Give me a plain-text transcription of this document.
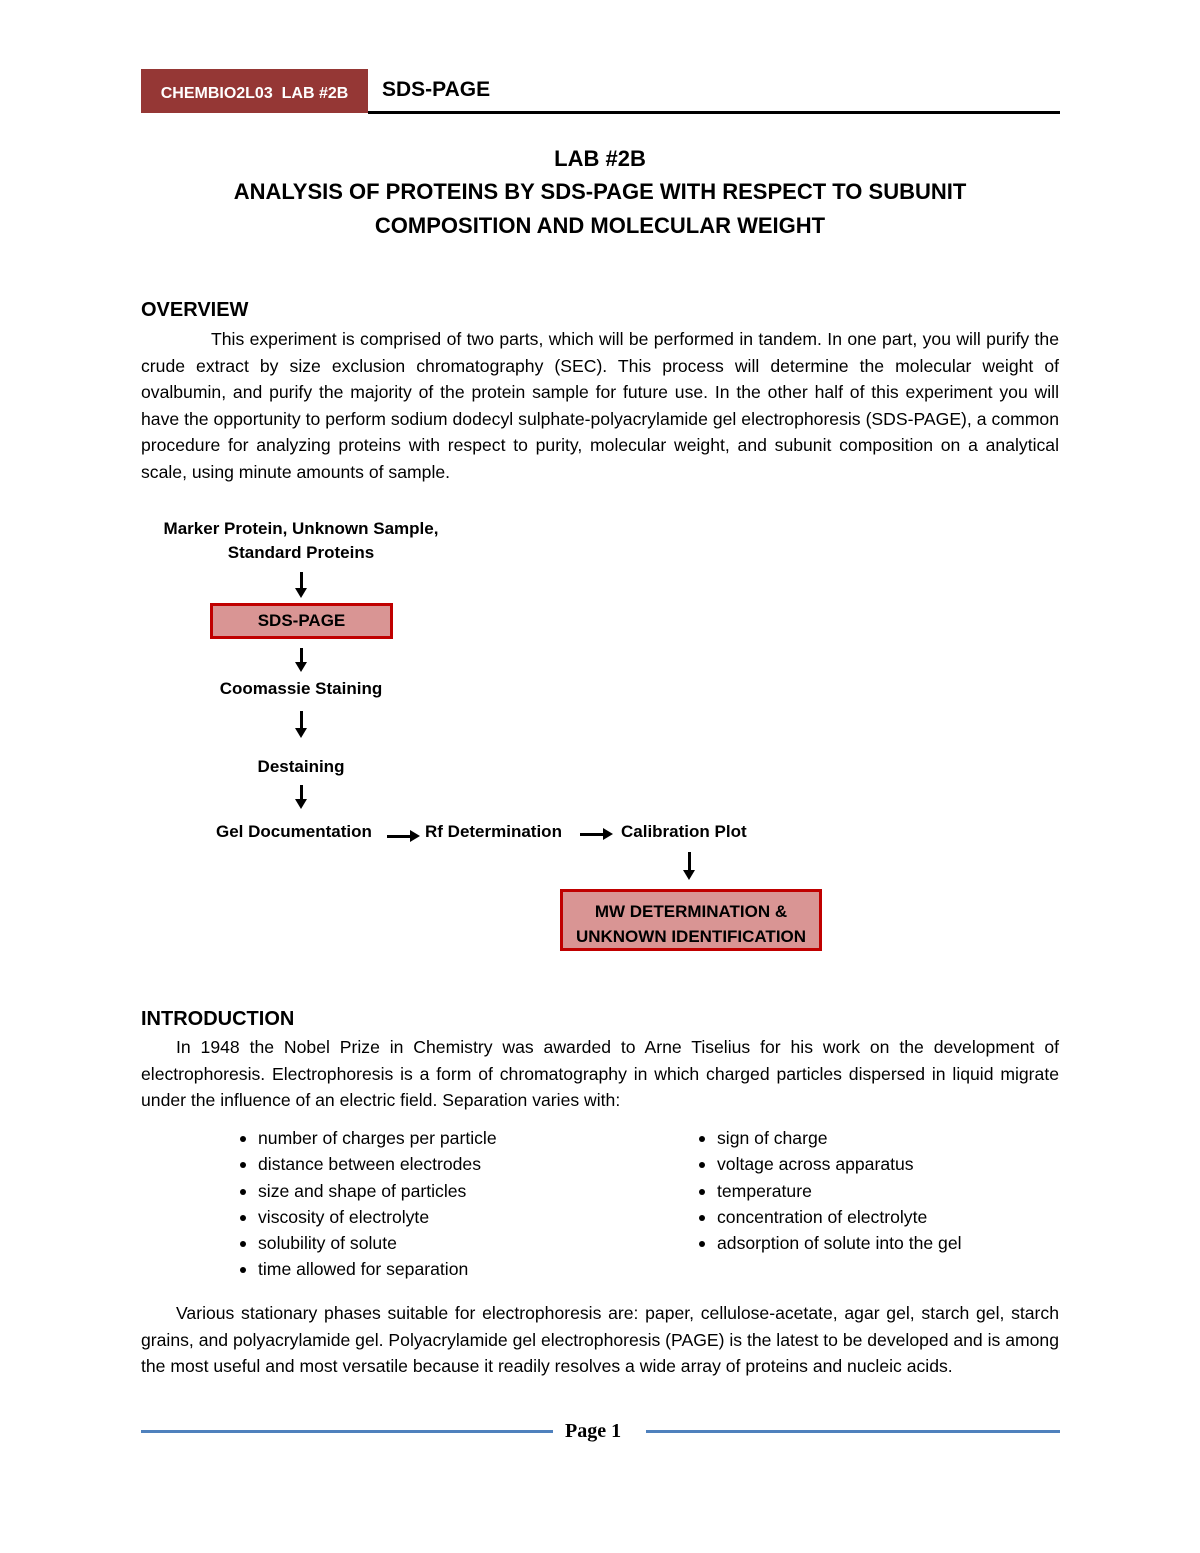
CHEMBIO2L03  LAB #2B	SDS-PAGE
LAB #2B
ANALYSIS OF PROTEINS BY SDS-PAGE WITH RESPECT TO SUBUNIT
COMPOSITION AND MOLECULAR WEIGHT
OVERVIEW
This experiment is comprised of two parts, which will be performed in tandem. In one part, you will purify the crude extract by size exclusion chromatography (SEC). This process will determine the molecular weight of ovalbumin, and purify the majority of the protein sample for future use. In the other half of this experiment you will have the opportunity to perform sodium dodecyl sulphate-polyacrylamide gel electrophoresis (SDS-PAGE), a common procedure for analyzing proteins with respect to purity, molecular weight, and subunit composition on a analytical scale, using minute amounts of sample.
Marker Protein, Unknown Sample,
Standard Proteins
SDS-PAGE
Coomassie Staining
Destaining
Gel Documentation	Rf Determination	Calibration Plot
MW DETERMINATION &
UNKNOWN IDENTIFICATION
INTRODUCTION
In 1948 the Nobel Prize in Chemistry was awarded to Arne Tiselius for his work on the development of electrophoresis. Electrophoresis is a form of chromatography in which charged particles dispersed in liquid migrate under the influence of an electric field. Separation varies with:
number of charges per particle
distance between electrodes
size and shape of particles
viscosity of electrolyte
solubility of solute
time allowed for separation
sign of charge
voltage across apparatus
temperature
concentration of electrolyte
adsorption of solute into the gel
Various stationary phases suitable for electrophoresis are: paper, cellulose-acetate, agar gel, starch gel, starch grains, and polyacrylamide gel. Polyacrylamide gel electrophoresis (PAGE) is the latest to be developed and is among the most useful and most versatile because it readily resolves a wide array of proteins and nucleic acids.
Page 1
